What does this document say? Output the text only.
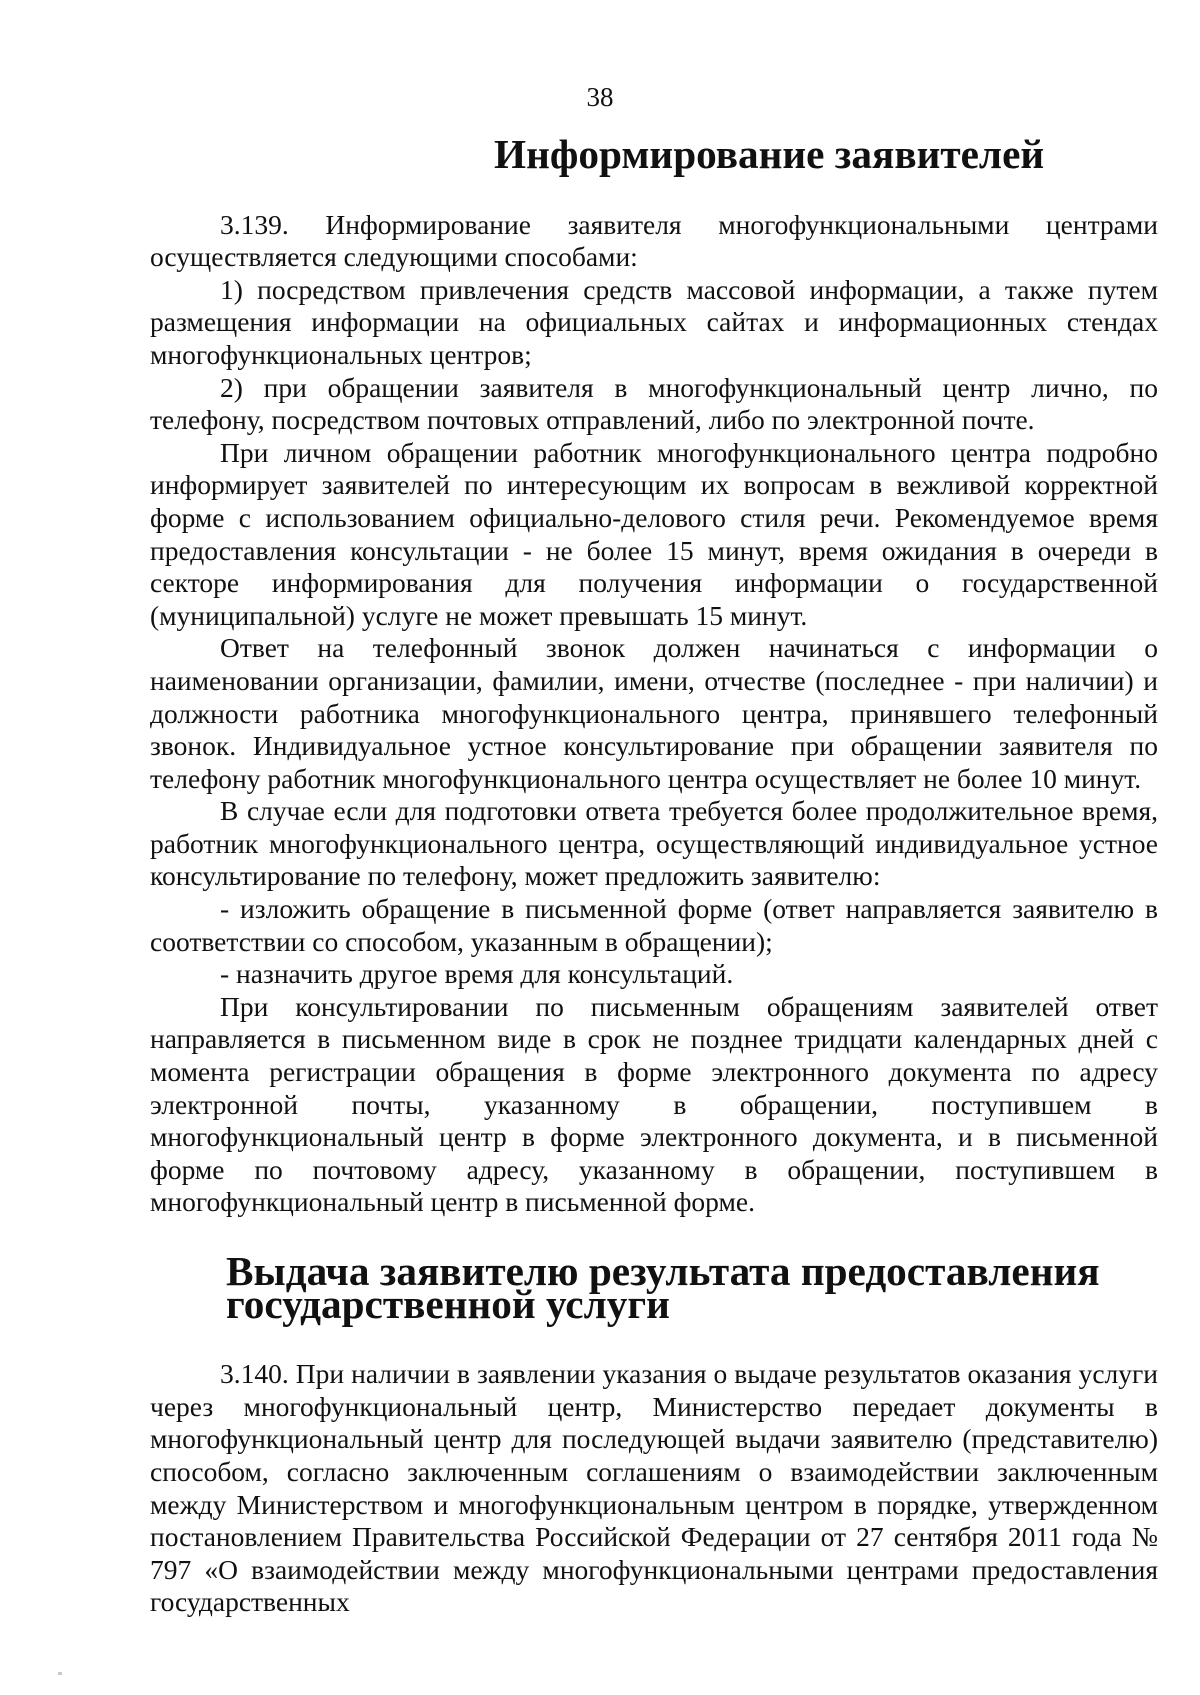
38
Информирование заявителей

3.139. Информирование заявителя многофункциональными центрами осуществляется следующими способами:

1) посредством привлечения средств массовой информации, а также путем размещения информации на официальных сайтах и информационных стендах многофункциональных центров;

2) при обращении заявителя в многофункциональный центр лично, по телефону, посредством почтовых отправлений, либо по электронной почте.

При личном обращении работник многофункционального центра подробно информирует заявителей по интересующим их вопросам в вежливой корректной форме с использованием официально-делового стиля речи. Рекомендуемое время предоставления консультации - не более 15 минут, время ожидания в очереди в секторе информирования для получения информации о государственной (муниципальной) услуге не может превышать 15 минут.

Ответ на телефонный звонок должен начинаться с информации о наименовании организации, фамилии, имени, отчестве (последнее - при наличии) и должности работника многофункционального центра, принявшего телефонный звонок. Индивидуальное устное консультирование при обращении заявителя по телефону работник многофункционального центра осуществляет не более 10 минут.

В случае если для подготовки ответа требуется более продолжительное время, работник многофункционального центра, осуществляющий индивидуальное устное консультирование по телефону, может предложить заявителю:

- изложить обращение в письменной форме (ответ направляется заявителю в соответствии со способом, указанным в обращении);

- назначить другое время для консультаций.

При консультировании по письменным обращениям заявителей ответ направляется в письменном виде в срок не позднее тридцати календарных дней с момента регистрации обращения в форме электронного документа по адресу электронной почты, указанному в обращении, поступившем в многофункциональный центр в форме электронного документа, и в письменной форме по почтовому адресу, указанному в обращении, поступившем в многофункциональный центр в письменной форме.

Выдача заявителю результата предоставления государственной услуги

3.140. При наличии в заявлении указания о выдаче результатов оказания услуги через многофункциональный центр, Министерство передает документы в многофункциональный центр для последующей выдачи заявителю (представителю) способом, согласно заключенным соглашениям о взаимодействии заключенным между Министерством и многофункциональным центром в порядке, утвержденном постановлением Правительства Российской Федерации от 27 сентября 2011 года № 797 «О взаимодействии между многофункциональными центрами предоставления государственных
